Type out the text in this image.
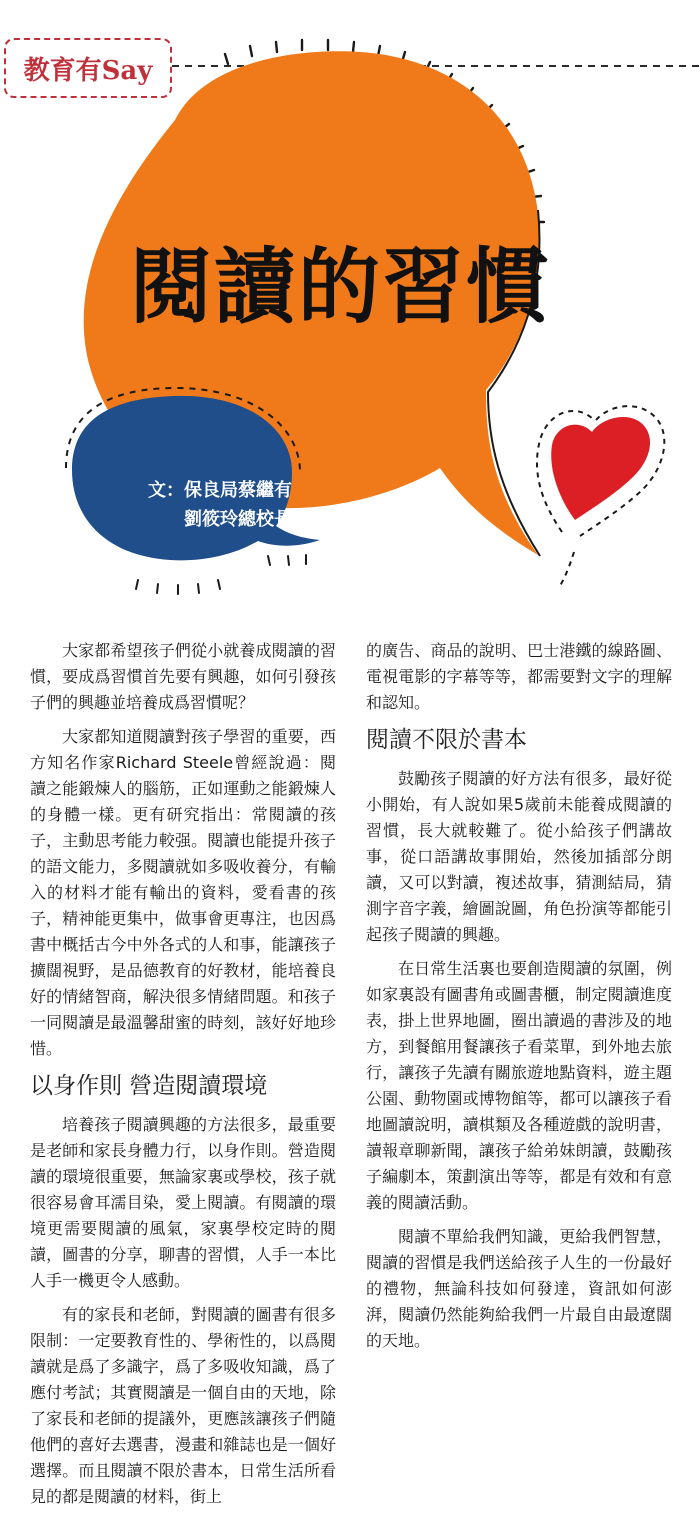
教育有Say
閱讀的習慣
文：保良局蔡繼有
劉筱玲總校長

大家都希望孩子們從小就養成閱讀的習慣，要成爲習慣首先要有興趣，如何引發孩子們的興趣並培養成爲習慣呢？

大家都知道閱讀對孩子學習的重要，西方知名作家Richard Steele曾經說過：閱讀之能鍛煉人的腦筋，正如運動之能鍛煉人的身體一樣。更有研究指出：常閱讀的孩子，主動思考能力較强。閱讀也能提升孩子的語文能力，多閱讀就如多吸收養分，有輸入的材料才能有輸出的資料，愛看書的孩子，精神能更集中，做事會更專注，也因爲書中概括古今中外各式的人和事，能讓孩子擴闊視野，是品德教育的好教材，能培養良好的情緒智商，解決很多情緒問題。和孩子一同閱讀是最溫馨甜蜜的時刻，該好好地珍惜。

以身作則 營造閱讀環境

培養孩子閱讀興趣的方法很多，最重要是老師和家長身體力行，以身作則。營造閱讀的環境很重要，無論家裏或學校，孩子就很容易會耳濡目染，愛上閱讀。有閱讀的環境更需要閱讀的風氣，家裏學校定時的閱讀，圖書的分享，聊書的習慣，人手一本比人手一機更令人感動。

有的家長和老師，對閱讀的圖書有很多限制：一定要教育性的、學術性的，以爲閱讀就是爲了多識字，爲了多吸收知識，爲了應付考試；其實閱讀是一個自由的天地，除了家長和老師的提議外，更應該讓孩子們隨他們的喜好去選書，漫畫和雜誌也是一個好選擇。而且閱讀不限於書本，日常生活所看見的都是閱讀的材料，街上

的廣告、商品的說明、巴士港鐵的線路圖、電視電影的字幕等等，都需要對文字的理解和認知。

閱讀不限於書本

鼓勵孩子閱讀的好方法有很多，最好從小開始，有人說如果5歲前未能養成閱讀的習慣，長大就較難了。從小給孩子們講故事，從口語講故事開始，然後加插部分朗讀，又可以對讀，複述故事，猜測結局，猜測字音字義，繪圖說圖，角色扮演等都能引起孩子閱讀的興趣。

在日常生活裏也要創造閱讀的氛圍，例如家裏設有圖書角或圖書櫃，制定閱讀進度表，掛上世界地圖，圈出讀過的書涉及的地方，到餐館用餐讓孩子看菜單，到外地去旅行，讓孩子先讀有關旅遊地點資料，遊主題公園、動物園或博物館等，都可以讓孩子看地圖讀說明，讀棋類及各種遊戲的說明書，讀報章聊新聞，讓孩子給弟妹朗讀，鼓勵孩子編劇本，策劃演出等等，都是有效和有意義的閱讀活動。

閱讀不單給我們知識，更給我們智慧，閱讀的習慣是我們送給孩子人生的一份最好的禮物，無論科技如何發達，資訊如何澎湃，閱讀仍然能夠給我們一片最自由最遼闊的天地。
